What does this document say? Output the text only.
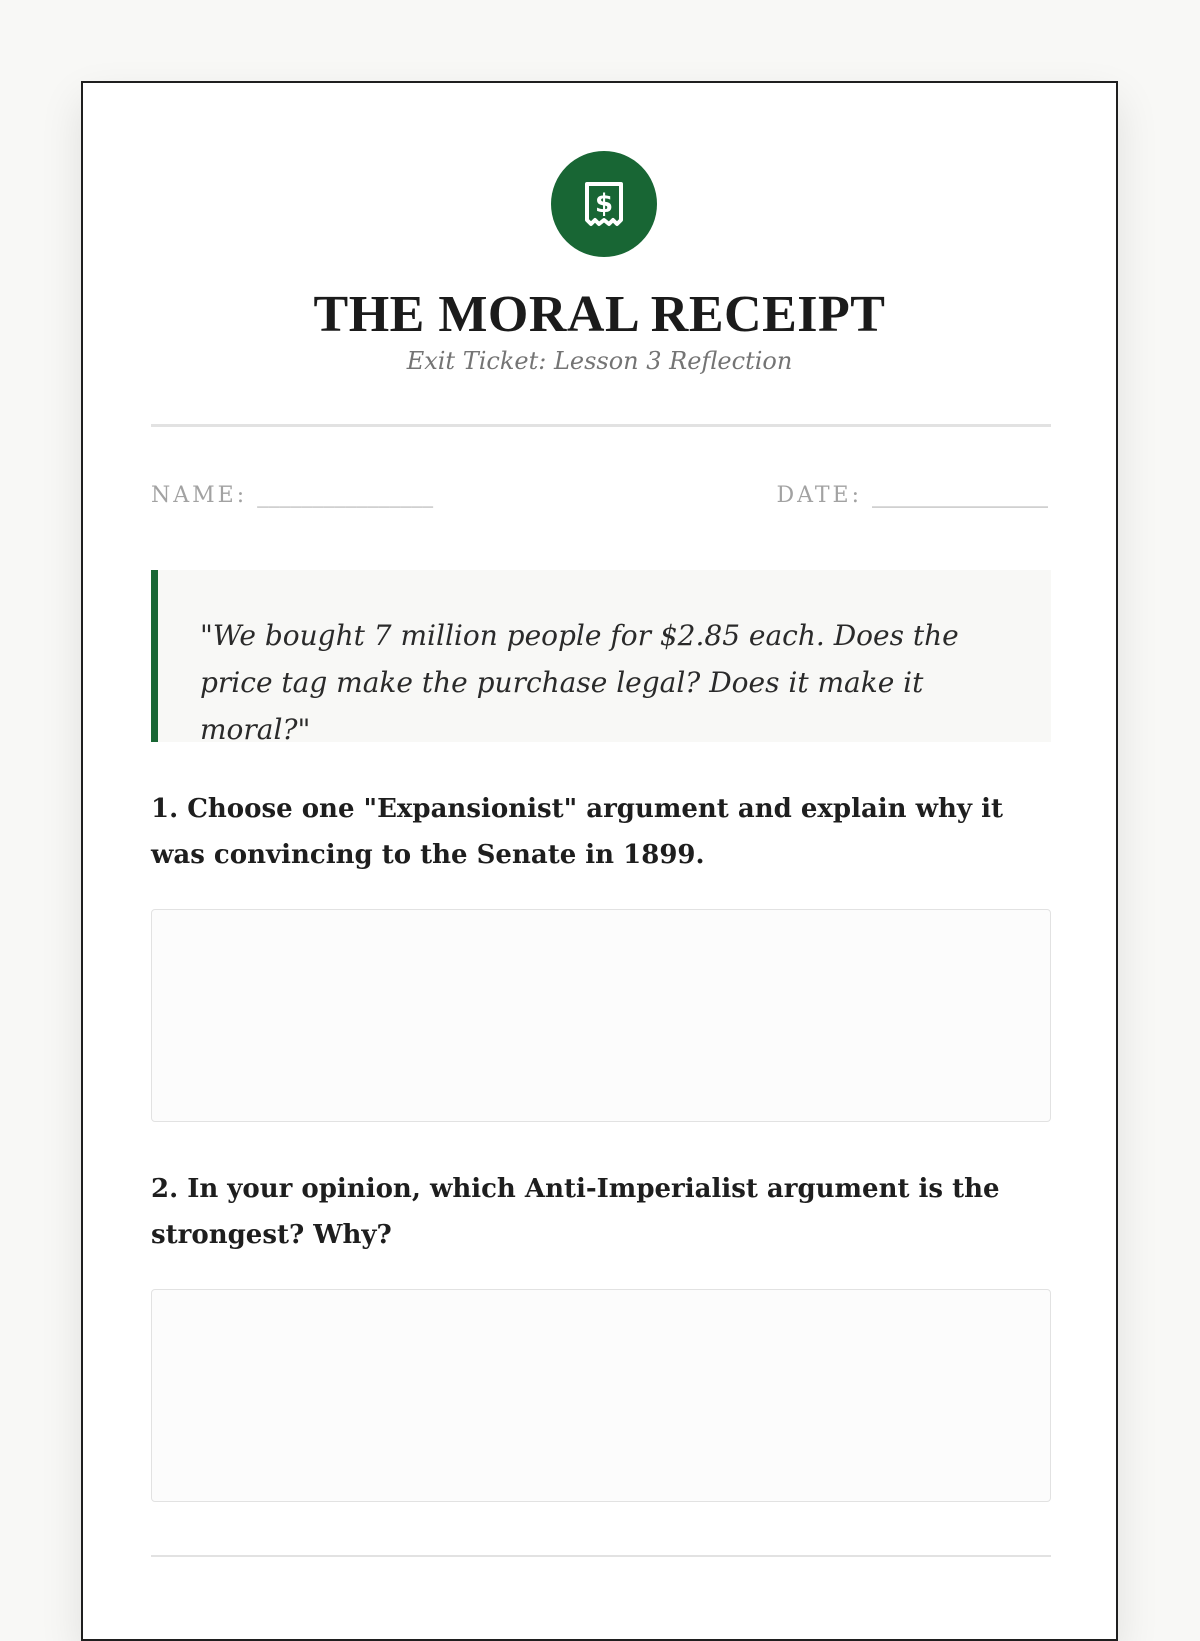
$
THE MORAL RECEIPT
Exit Ticket: Lesson 3 Reflection
NAME: ________________	DATE: ________________
"We bought 7 million people for $2.85 each. Does the price tag make the purchase legal? Does it make it moral?"
1. Choose one "Expansionist" argument and explain why it was convincing to the Senate in 1899.
2. In your opinion, which Anti-Imperialist argument is the strongest? Why?
